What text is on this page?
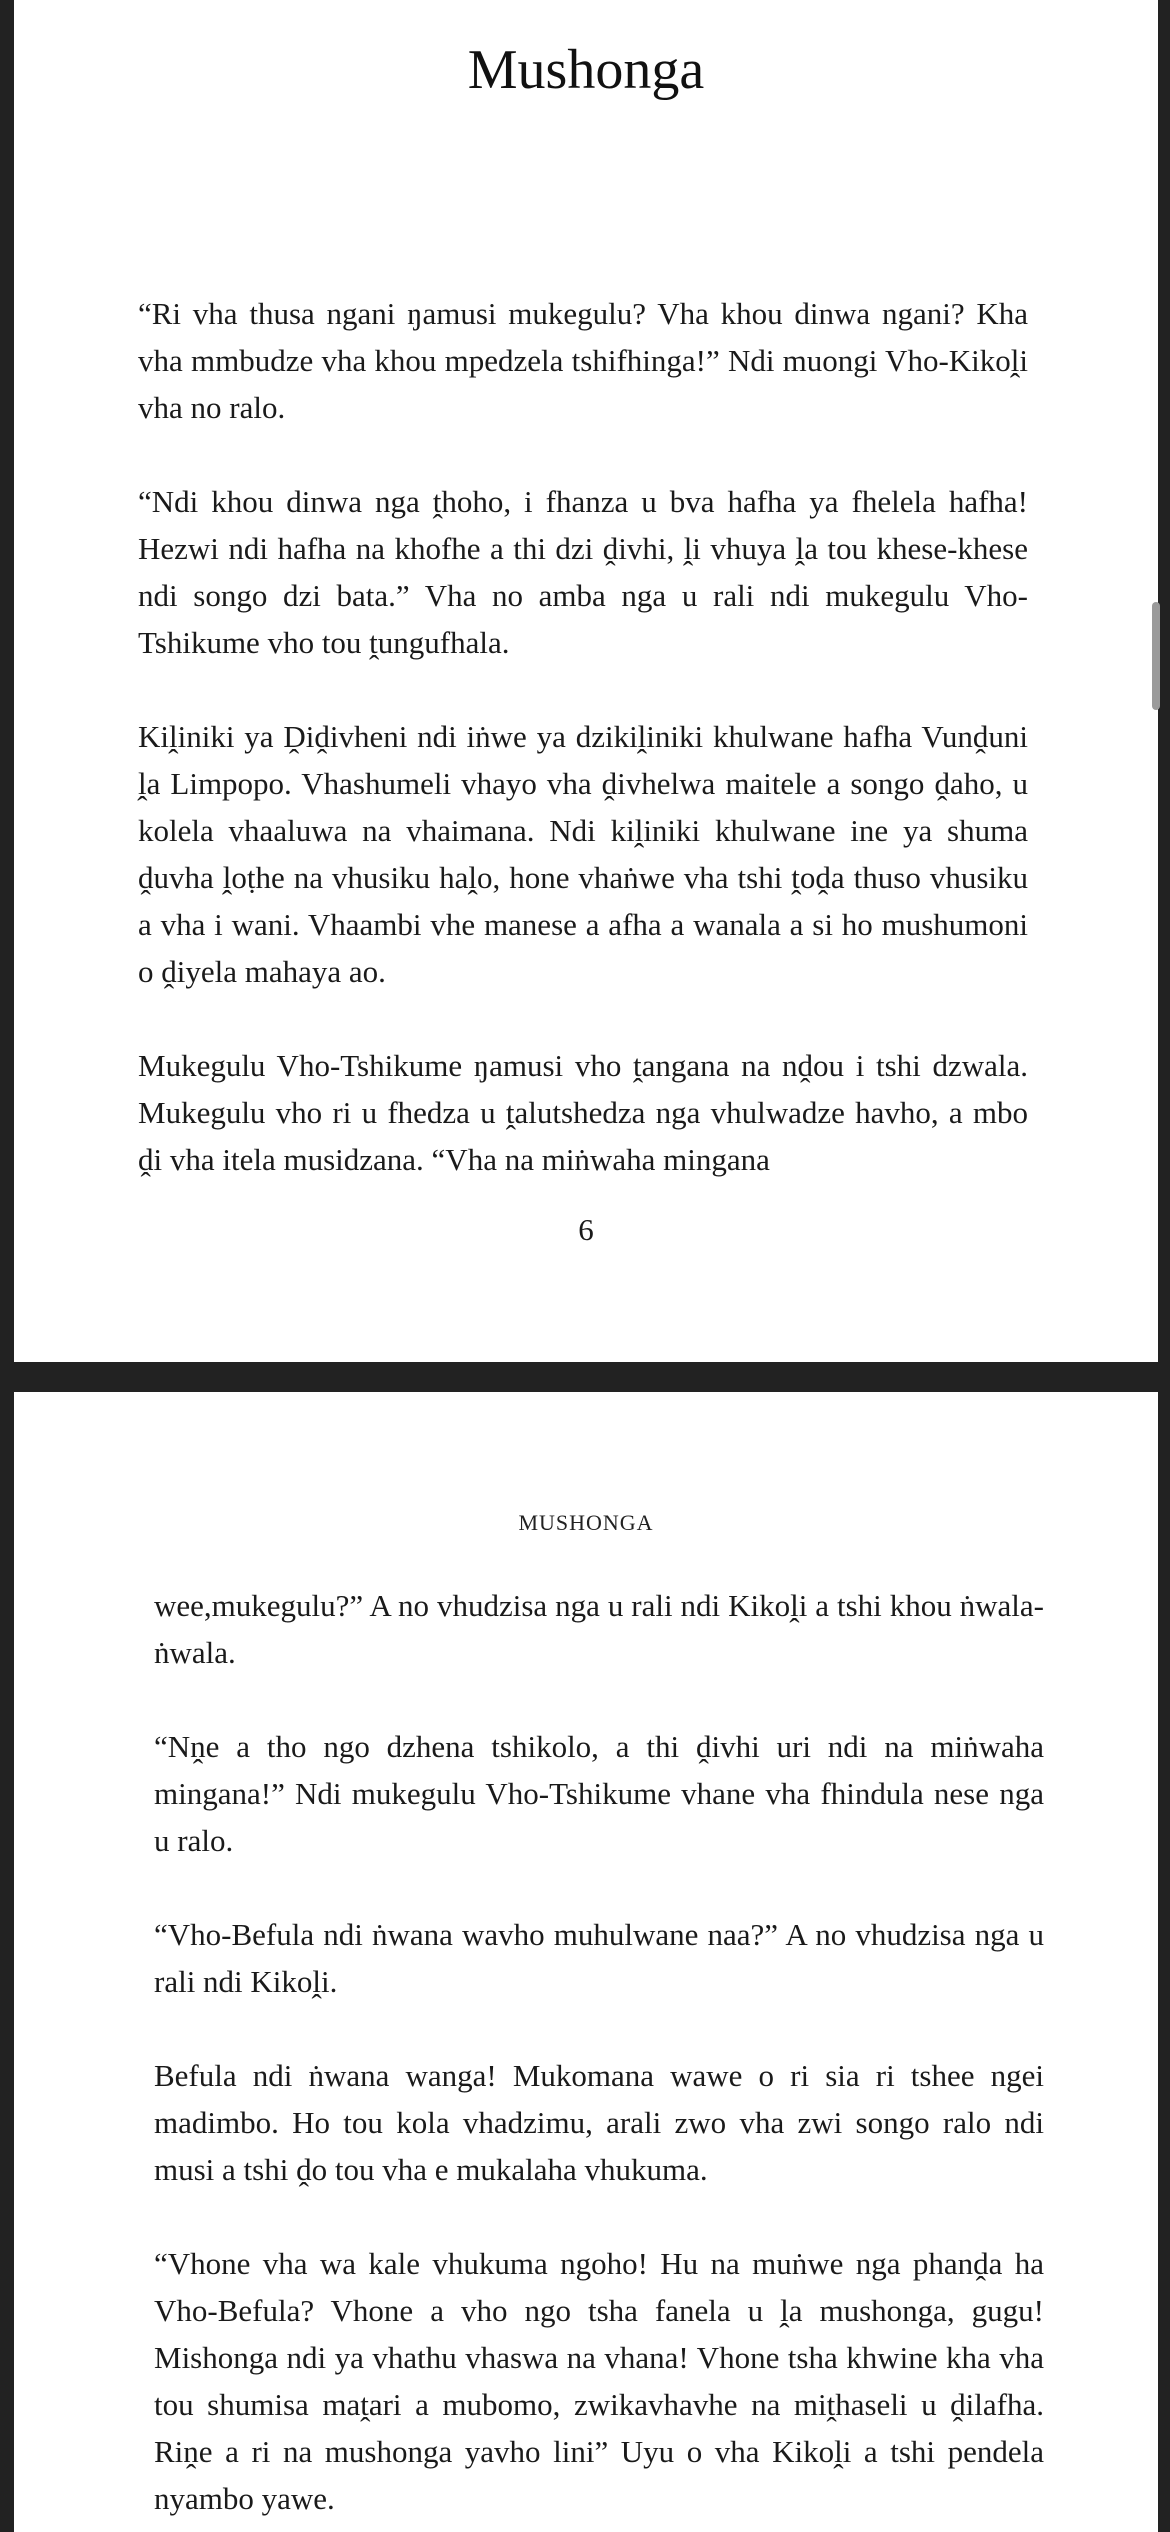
Mushonga

“Ri vha thusa ngani ŋamusi mukegulu? Vha khou dinwa ngani? Kha vha mmbudze vha khou mpedzela tshifhinga!” Ndi muongi Vho-Kikoḽi vha no ralo.

“Ndi khou dinwa nga ṱhoho, i fhanza u bva hafha ya fhelela hafha! Hezwi ndi hafha na khofhe a thi dzi ḓivhi, ḽi vhuya ḽa tou khese-khese ndi songo dzi bata.” Vha no amba nga u rali ndi mukegulu Vho-Tshikume vho tou ṱungufhala.

Kiḽiniki ya Ḓiḓivheni ndi iṅwe ya dzikiḽiniki khulwane hafha Vunḓuni ḽa Limpopo. Vhashumeli vhayo vha ḓivhelwa maitele a songo ḓaho, u kolela vhaaluwa na vhaimana. Ndi kiḽiniki khulwane ine ya shuma ḓuvha ḽoṭhe na vhusiku haḽo, hone vhaṅwe vha tshi ṱoḓa thuso vhusiku a vha i wani. Vhaambi vhe manese a afha a wanala a si ho mushumoni o ḓiyela mahaya ao.

Mukegulu Vho-Tshikume ŋamusi vho ṱangana na nḓou i tshi dzwala. Mukegulu vho ri u fhedza u ṱalutshedza nga vhulwadze havho, a mbo ḓi vha itela musidzana. “Vha na miṅwaha mingana

6
MUSHONGA

wee,mukegulu?” A no vhudzisa nga u rali ndi Kikoḽi a tshi khou ṅwala-ṅwala.

“Nṋe a tho ngo dzhena tshikolo, a thi ḓivhi uri ndi na miṅwaha mingana!” Ndi mukegulu Vho-Tshikume vhane vha fhindula nese nga u ralo.

“Vho-Befula ndi ṅwana wavho muhulwane naa?” A no vhudzisa nga u rali ndi Kikoḽi.

Befula ndi ṅwana wanga! Mukomana wawe o ri sia ri tshee ngei madimbo. Ho tou kola vhadzimu, arali zwo vha zwi songo ralo ndi musi a tshi ḓo tou vha e mukalaha vhukuma.

“Vhone vha wa kale vhukuma ngoho! Hu na muṅwe nga phanḓa ha Vho-Befula? Vhone a vho ngo tsha fanela u ḽa mushonga, gugu! Mishonga ndi ya vhathu vhaswa na vhana! Vhone tsha khwine kha vha tou shumisa maṱari a mubomo, zwikavhavhe na miṱhaseli u ḓilafha. Riṋe a ri na mushonga yavho lini” Uyu o vha Kikoḽi a tshi pendela nyambo yawe.
